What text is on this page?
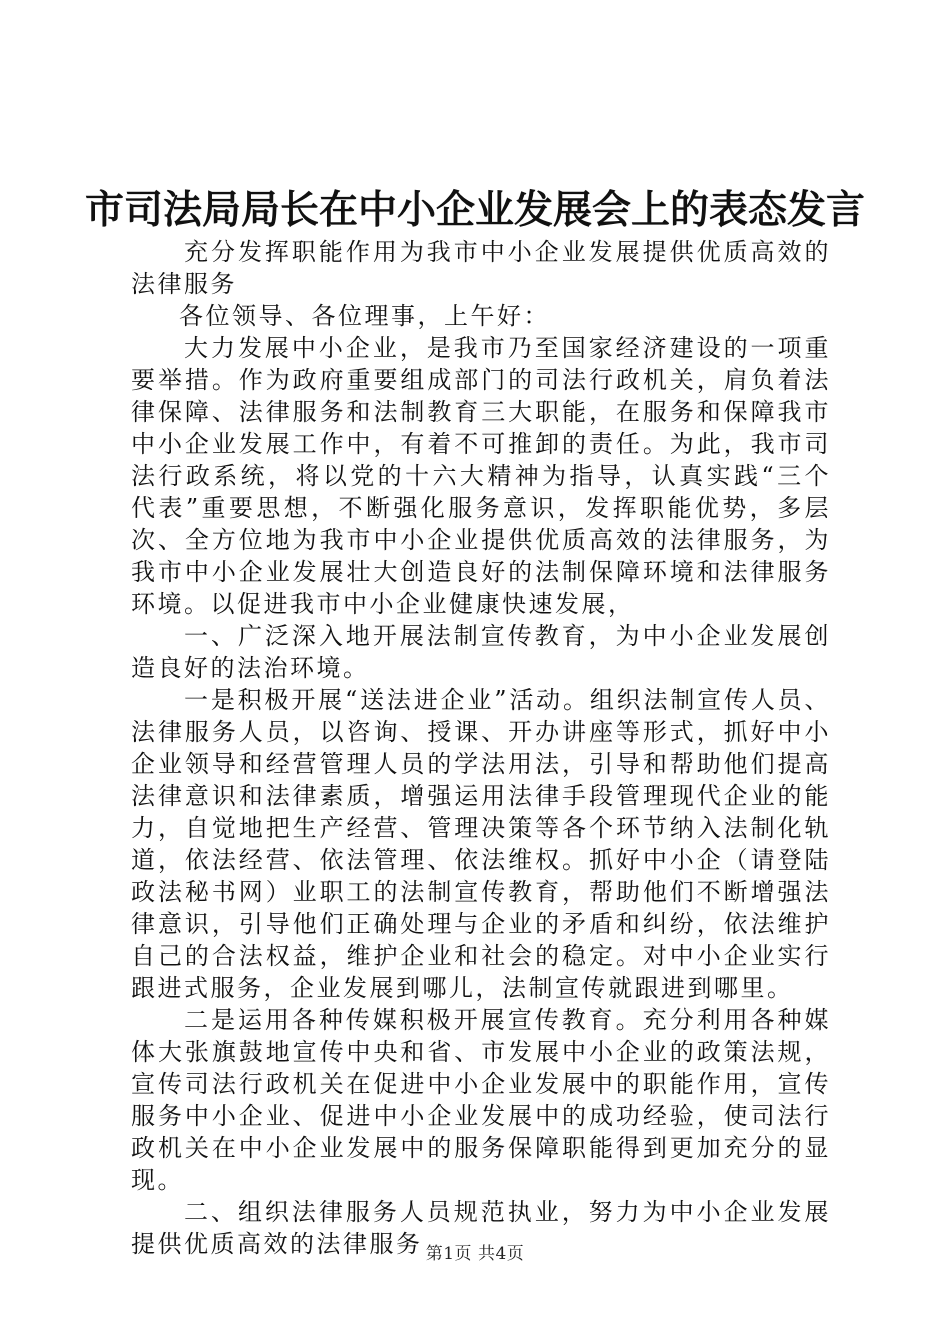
市司法局局长在中小企业发展会上的表态发言

充分发挥职能作用为我市中小企业发展提供优质高效的法律服务

各位领导、各位理事，上午好：

大力发展中小企业，是我市乃至国家经济建设的一项重要举措。作为政府重要组成部门的司法行政机关，肩负着法律保障、法律服务和法制教育三大职能，在服务和保障我市中小企业发展工作中，有着不可推卸的责任。为此，我市司法行政系统，将以党的十六大精神为指导，认真实践“三个代表”重要思想，不断强化服务意识，发挥职能优势，多层次、全方位地为我市中小企业提供优质高效的法律服务，为我市中小企业发展壮大创造良好的法制保障环境和法律服务环境。以促进我市中小企业健康快速发展，

一、广泛深入地开展法制宣传教育，为中小企业发展创造良好的法治环境。

一是积极开展“送法进企业”活动。组织法制宣传人员、法律服务人员，以咨询、授课、开办讲座等形式，抓好中小企业领导和经营管理人员的学法用法，引导和帮助他们提高法律意识和法律素质，增强运用法律手段管理现代企业的能力，自觉地把生产经营、管理决策等各个环节纳入法制化轨道，依法经营、依法管理、依法维权。抓好中小企（请登陆政法秘书网）业职工的法制宣传教育，帮助他们不断增强法律意识，引导他们正确处理与企业的矛盾和纠纷，依法维护自己的合法权益，维护企业和社会的稳定。对中小企业实行跟进式服务，企业发展到哪儿，法制宣传就跟进到哪里。

二是运用各种传媒积极开展宣传教育。充分利用各种媒体大张旗鼓地宣传中央和省、市发展中小企业的政策法规，宣传司法行政机关在促进中小企业发展中的职能作用，宣传服务中小企业、促进中小企业发展中的成功经验，使司法行政机关在中小企业发展中的服务保障职能得到更加充分的显现。

二、组织法律服务人员规范执业，努力为中小企业发展提供优质高效的法律服务 第1页 共4页
